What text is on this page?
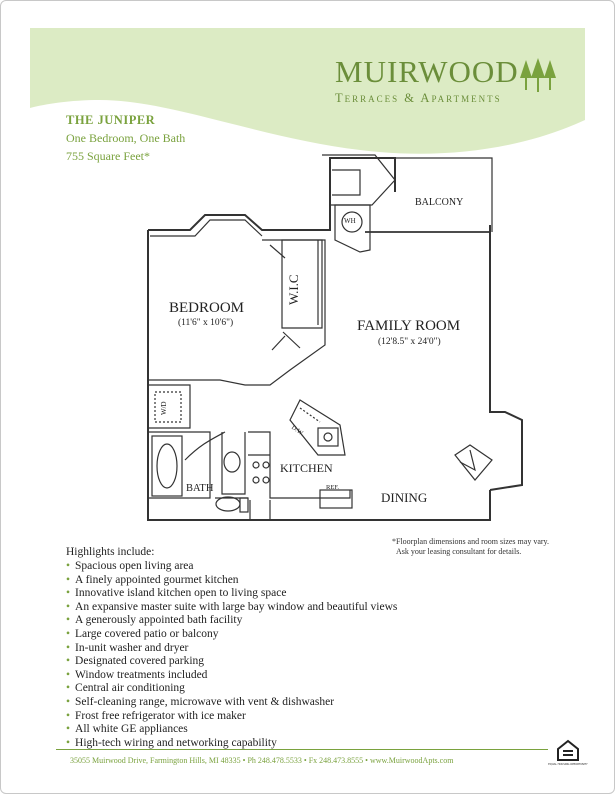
MUIRWOOD
Terraces & Apartments
THE JUNIPER
One Bedroom, One Bath
755 Square Feet*
BALCONY
WH
BEDROOM
(11'6" x 10'6")
W.I.C
FAMILY ROOM
(12'8.5" x 24'0")
W/D
D.W.
KITCHEN
REF.
BATH
DINING
*Floorplan dimensions and room sizes may vary.
Ask your leasing consultant for details.
Highlights include:
• Spacious open living area
• A finely appointed gourmet kitchen
• Innovative island kitchen open to living space
• An expansive master suite with large bay window and beautiful views
• A generously appointed bath facility
• Large covered patio or balcony
• In-unit washer and dryer
• Designated covered parking
• Window treatments included
• Central air conditioning
• Self-cleaning range, microwave with vent & dishwasher
• Frost free refrigerator with ice maker
• All white GE appliances
• High-tech wiring and networking capability
35055 Muirwood Drive, Farmington Hills, MI 48335 • Ph 248.478.5533 • Fx 248.473.8555 • www.MuirwoodApts.com	EQUAL HOUSING OPPORTUNITY
